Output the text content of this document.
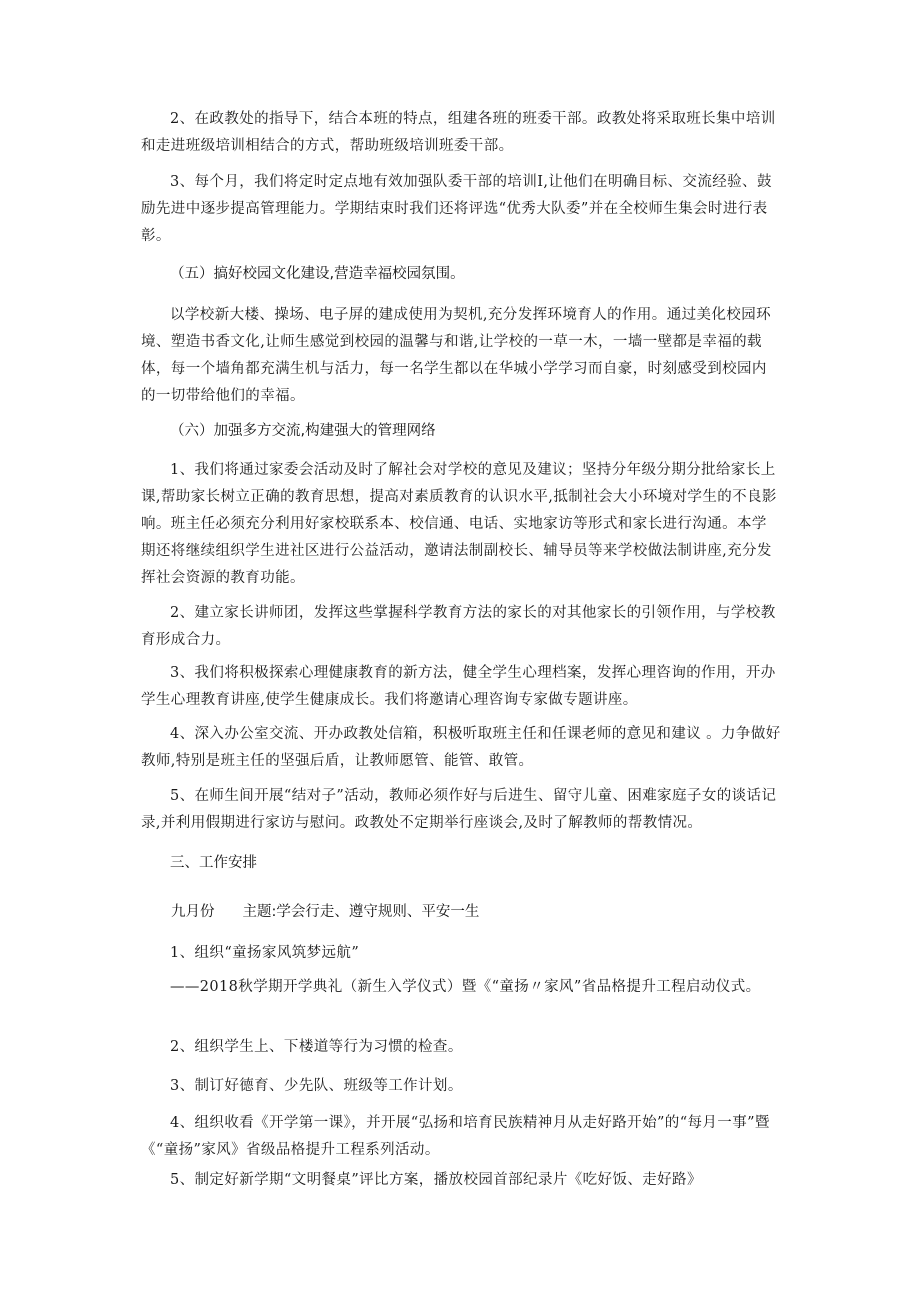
2、在政教处的指导下，结合本班的特点，组建各班的班委干部。政教处将采取班长集中培训和走进班级培训相结合的方式，帮助班级培训班委干部。

3、每个月，我们将定时定点地有效加强队委干部的培训Ⅰ,让他们在明确目标、交流经验、鼓励先进中逐步提高管理能力。学期结束时我们还将评选“优秀大队委”并在全校师生集会时进行表彰。

（五）搞好校园文化建设,营造幸福校园氛围。

以学校新大楼、操场、电子屏的建成使用为契机,充分发挥环境育人的作用。通过美化校园环境、塑造书香文化,让师生感觉到校园的温馨与和谐,让学校的一草一木，一墙一壁都是幸福的载体，每一个墙角都充满生机与活力，每一名学生都以在华城小学学习而自豪，时刻感受到校园内的一切带给他们的幸福。

（六）加强多方交流,构建强大的管理网络

1、我们将通过家委会活动及时了解社会对学校的意见及建议；坚持分年级分期分批给家长上课,帮助家长树立正确的教育思想，提高对素质教育的认识水平,抵制社会大小环境对学生的不良影响。班主任必须充分利用好家校联系本、校信通、电话、实地家访等形式和家长进行沟通。本学期还将继续组织学生进社区进行公益活动，邀请法制副校长、辅导员等来学校做法制讲座,充分发挥社会资源的教育功能。

2、建立家长讲师团，发挥这些掌握科学教育方法的家长的对其他家长的引领作用，与学校教育形成合力。

3、我们将积极探索心理健康教育的新方法，健全学生心理档案，发挥心理咨询的作用，开办学生心理教育讲座,使学生健康成长。我们将邀请心理咨询专家做专题讲座。

4、深入办公室交流、开办政教处信箱，积极听取班主任和任课老师的意见和建议 。力争做好教师,特别是班主任的坚强后盾，让教师愿管、能管、敢管。

5、在师生间开展“结对子”活动，教师必须作好与后进生、留守儿童、困难家庭子女的谈话记录,并利用假期进行家访与慰问。政教处不定期举行座谈会,及时了解教师的帮教情况。

三、工作安排

九月份 主题:学会行走、遵守规则、平安一生

1、组织“童扬家风筑梦远航”

——2018秋学期开学典礼（新生入学仪式）暨《“童扬〃家风”省品格提升工程启动仪式。

2、组织学生上、下楼道等行为习惯的检查。

3、制订好德育、少先队、班级等工作计划。

4、组织收看《开学第一课》，并开展“弘扬和培育民族精神月从走好路开始”的“每月一事”暨《“童扬”家风》省级品格提升工程系列活动。

5、制定好新学期“文明餐桌”评比方案，播放校园首部纪录片《吃好饭、走好路》
